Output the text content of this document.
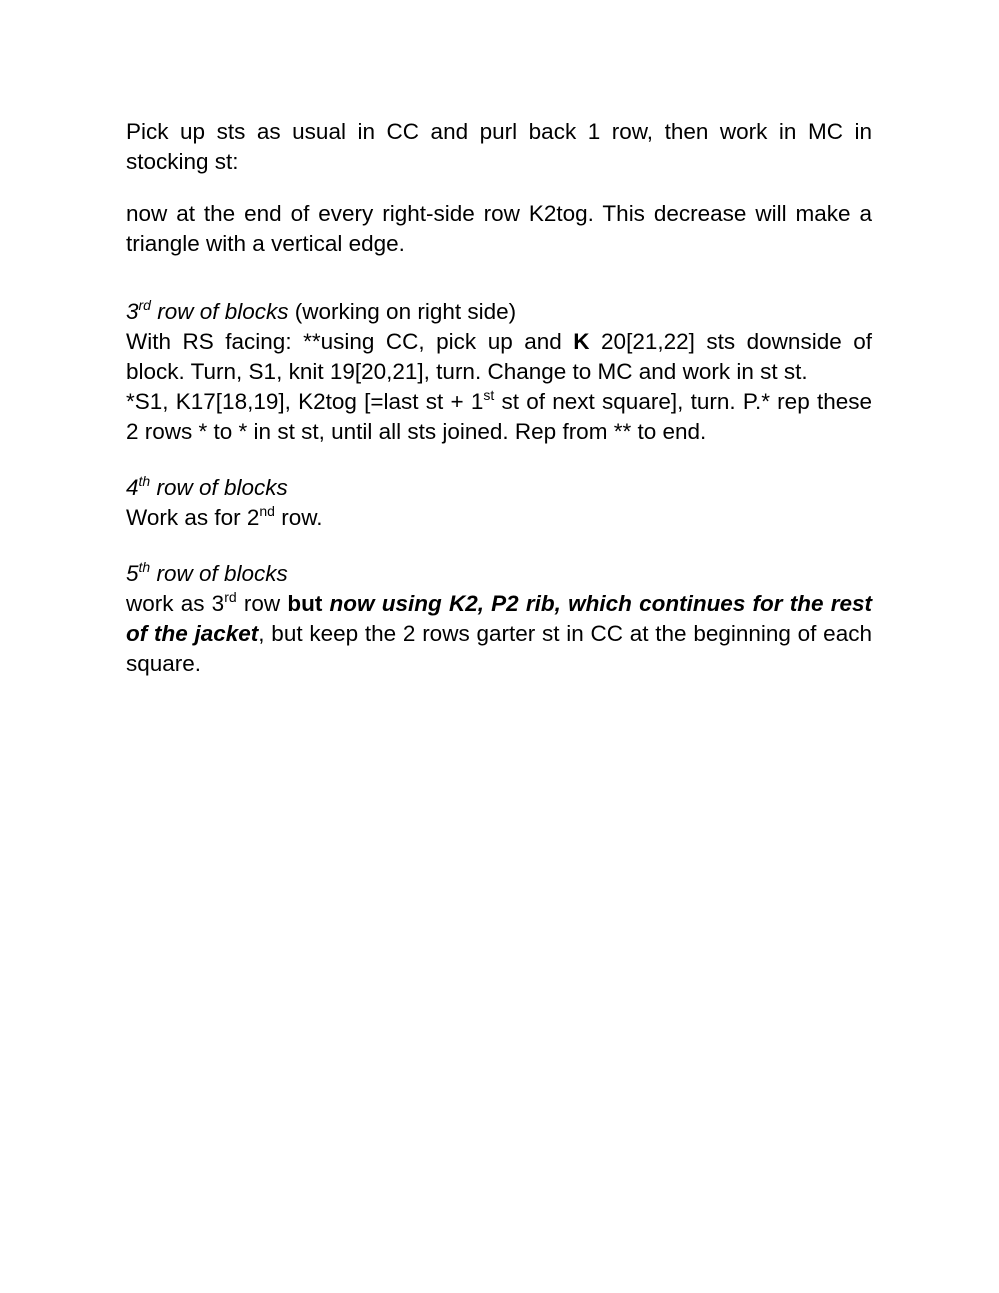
Pick up sts as usual in CC and purl back 1 row, then work in MC in stocking st:

now at the end of every right-side row K2tog. This decrease will make a triangle with a vertical edge.

3rd row of blocks (working on right side)

With RS facing: **using CC, pick up and K 20[21,22] sts downside of block. Turn, S1, knit 19[20,21], turn. Change to MC and work in st st.

*S1, K17[18,19], K2tog [=last st + 1st st of next square], turn. P.* rep these 2 rows * to * in st st, until all sts joined. Rep from ** to end.

4th row of blocks

Work as for 2nd row.

5th row of blocks

work as 3rd row but now using K2, P2 rib, which continues for the rest of the jacket, but keep the 2 rows garter st in CC at the beginning of each square.
